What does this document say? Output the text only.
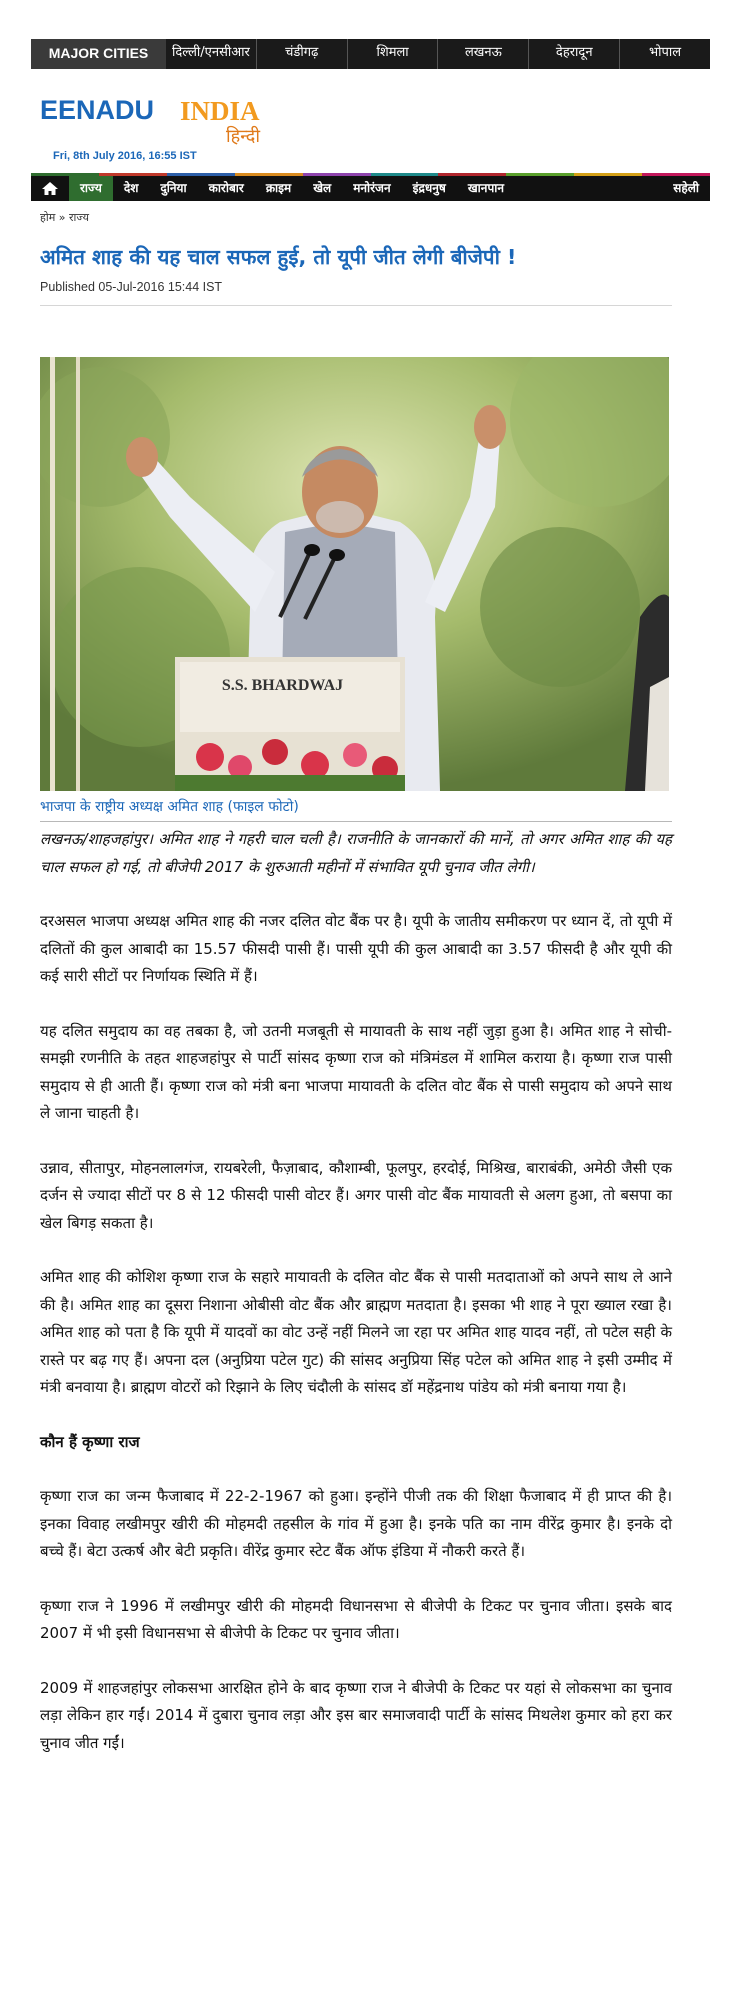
MAJOR CITIES	दिल्ली/एनसीआर	चंडीगढ़	शिमला	लखनऊ	देहरादून	भोपाल
EENADU INDIA
हिन्दी
Fri, 8th July 2016, 16:55 IST
राज्य	देश	दुनिया	कारोबार	क्राइम	खेल	मनोरंजन	इंद्रधनुष	खानपान	सहेली
होम » राज्य
अमित शाह की यह चाल सफल हुई, तो यूपी जीत लेगी बीजेपी !
Published 05-Jul-2016 15:44 IST
S.S. BHARDWAJ
भाजपा के राष्ट्रीय अध्यक्ष अमित शाह (फाइल फोटो)

लखनऊ/शाहजहांपुर। अमित शाह ने गहरी चाल चली है। राजनीति के जानकारों की मानें, तो अगर अमित शाह की यह चाल सफल हो गई, तो बीजेपी 2017 के शुरुआती महीनों में संभावित यूपी चुनाव जीत लेगी।

दरअसल भाजपा अध्यक्ष अमित शाह की नजर दलित वोट बैंक पर है। यूपी के जातीय समीकरण पर ध्यान दें, तो यूपी में दलितों की कुल आबादी का 15.57 फीसदी पासी हैं। पासी यूपी की कुल आबादी का 3.57 फीसदी है और यूपी की कई सारी सीटों पर निर्णायक स्थिति में हैं।

यह दलित समुदाय का वह तबका है, जो उतनी मजबूती से मायावती के साथ नहीं जुड़ा हुआ है। अमित शाह ने सोची-समझी रणनीति के तहत शाहजहांपुर से पार्टी सांसद कृष्णा राज को मंत्रिमंडल में शामिल कराया है। कृष्णा राज पासी समुदाय से ही आती हैं। कृष्णा राज को मंत्री बना भाजपा मायावती के दलित वोट बैंक से पासी समुदाय को अपने साथ ले जाना चाहती है।

उन्नाव, सीतापुर, मोहनलालगंज, रायबरेली, फैज़ाबाद, कौशाम्बी, फूलपुर, हरदोई, मिश्रिख, बाराबंकी, अमेठी जैसी एक दर्जन से ज्यादा सीटों पर 8 से 12 फीसदी पासी वोटर हैं। अगर पासी वोट बैंक मायावती से अलग हुआ, तो बसपा का खेल बिगड़ सकता है।

अमित शाह की कोशिश कृष्णा राज के सहारे मायावती के दलित वोट बैंक से पासी मतदाताओं को अपने साथ ले आने की है। अमित शाह का दूसरा निशाना ओबीसी वोट बैंक और ब्राह्मण मतदाता है। इसका भी शाह ने पूरा ख्याल रखा है। अमित शाह को पता है कि यूपी में यादवों का वोट उन्हें नहीं मिलने जा रहा पर अमित शाह यादव नहीं, तो पटेल सही के रास्ते पर बढ़ गए हैं। अपना दल (अनुप्रिया पटेल गुट) की सांसद अनुप्रिया सिंह पटेल को अमित शाह ने इसी उम्मीद में मंत्री बनवाया है। ब्राह्मण वोटरों को रिझाने के लिए चंदौली के सांसद डॉ महेंद्रनाथ पांडेय को मंत्री बनाया गया है।

कौन हैं कृष्णा राज

कृष्णा राज का जन्म फैजाबाद में 22-2-1967 को हुआ। इन्होंने पीजी तक की शिक्षा फैजाबाद में ही प्राप्त की है। इनका विवाह लखीमपुर खीरी की मोहमदी तहसील के गांव में हुआ है। इनके पति का नाम वीरेंद्र कुमार है। इनके दो बच्चे हैं। बेटा उत्कर्ष और बेटी प्रकृति। वीरेंद्र कुमार स्टेट बैंक ऑफ इंडिया में नौकरी करते हैं।

कृष्णा राज ने 1996 में लखीमपुर खीरी की मोहमदी विधानसभा से बीजेपी के टिकट पर चुनाव जीता। इसके बाद 2007 में भी इसी विधानसभा से बीजेपी के टिकट पर चुनाव जीता।

2009 में शाहजहांपुर लोकसभा आरक्षित होने के बाद कृष्णा राज ने बीजेपी के टिकट पर यहां से लोकसभा का चुनाव लड़ा लेकिन हार गईं। 2014 में दुबारा चुनाव लड़ा और इस बार समाजवादी पार्टी के सांसद मिथलेश कुमार को हरा कर चुनाव जीत गईं।
